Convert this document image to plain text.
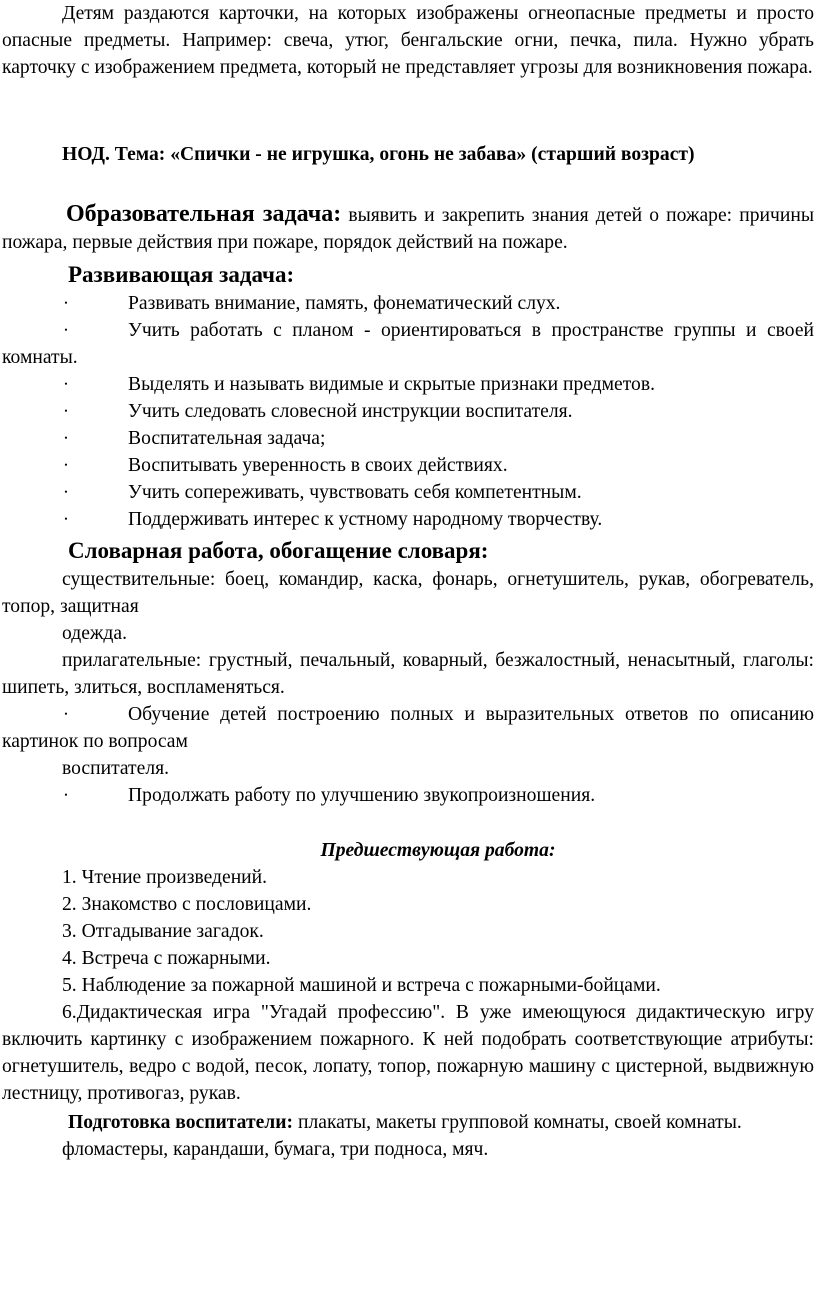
Детям раздаются карточки, на которых изображены огнеопасные предметы и просто опасные предметы. Например: свеча, утюг, бенгальские огни, печка, пила. Нужно убрать карточку с изображением предмета, который не представляет угрозы для возникновения пожара.

НОД. Тема: «Спички - не игрушка, огонь не забава» (старший возраст)

Образовательная задача: выявить и закрепить знания детей о пожаре: причины пожара, первые действия при пожаре, порядок действий на пожаре.

Развивающая задача:

•	Развивать внимание, память, фонематический слух.

•	Учить работать с планом - ориентироваться в пространстве группы и своей комнаты.

•	Выделять и называть видимые и скрытые признаки предметов.

•	Учить следовать словесной инструкции воспитателя.

•	Воспитательная задача;

•	Воспитывать уверенность в своих действиях.

•	Учить сопереживать, чувствовать себя компетентным.

•	Поддерживать интерес к устному народному творчеству.

Словарная работа, обогащение словаря:

существительные: боец, командир, каска, фонарь, огнетушитель, рукав, обогреватель, топор, защитная

одежда.

прилагательные: грустный, печальный, коварный, безжалостный, ненасытный, глаголы: шипеть, злиться, воспламеняться.

•	Обучение детей построению полных и выразительных ответов по описанию картинок по вопросам

воспитателя.

•	Продолжать работу по улучшению звукопроизношения.

Предшествующая работа:

1. Чтение произведений.

2. Знакомство с пословицами.

3. Отгадывание загадок.

4. Встреча с пожарными.

5. Наблюдение за пожарной машиной и встреча с пожарными-бойцами.

6.Дидактическая игра "Угадай профессию". В уже имеющуюся дидактическую игру включить картинку с изображением пожарного. К ней подобрать соответствующие атрибуты: огнетушитель, ведро с водой, песок, лопату, топор, пожарную машину с цистерной, выдвижную лестницу, противогаз, рукав.

Подготовка воспитатели: плакаты, макеты групповой комнаты, своей комнаты.

фломастеры, карандаши, бумага, три подноса, мяч.
